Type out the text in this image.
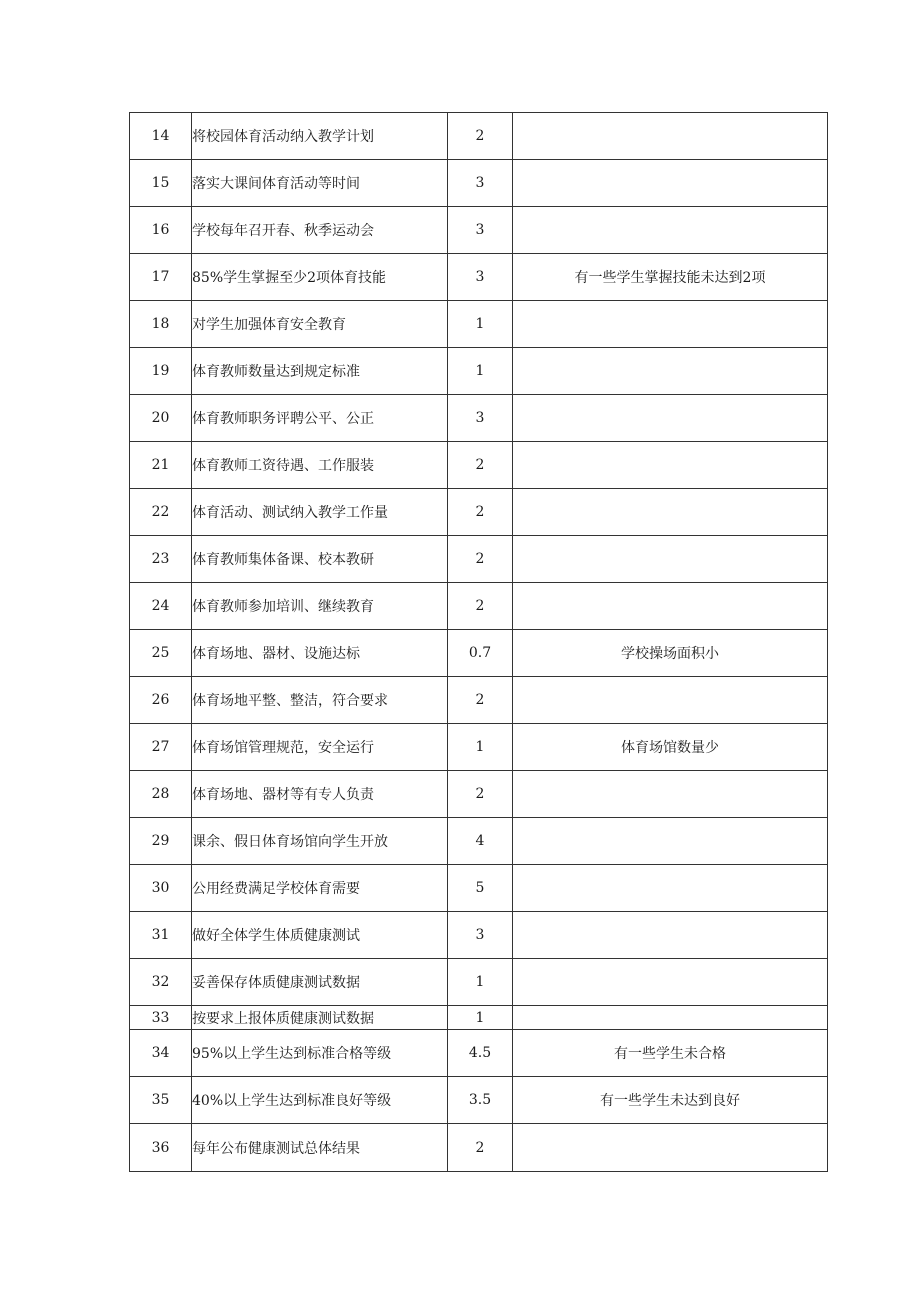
14	将校园体育活动纳入教学计划	2	
15	落实大课间体育活动等时间	3	
16	学校每年召开春、秋季运动会	3	
17	85%学生掌握至少2项体育技能	3	有一些学生掌握技能未达到2项
18	对学生加强体育安全教育	1	
19	体育教师数量达到规定标准	1	
20	体育教师职务评聘公平、公正	3	
21	体育教师工资待遇、工作服装	2	
22	体育活动、测试纳入教学工作量	2	
23	体育教师集体备课、校本教研	2	
24	体育教师参加培训、继续教育	2	
25	体育场地、器材、设施达标	0.7	学校操场面积小
26	体育场地平整、整洁，符合要求	2	
27	体育场馆管理规范，安全运行	1	体育场馆数量少
28	体育场地、器材等有专人负责	2	
29	课余、假日体育场馆向学生开放	4	
30	公用经费满足学校体育需要	5	
31	做好全体学生体质健康测试	3	
32	妥善保存体质健康测试数据	1	
33	按要求上报体质健康测试数据	1	
34	95%以上学生达到标准合格等级	4.5	有一些学生未合格
35	40%以上学生达到标准良好等级	3.5	有一些学生未达到良好
36	每年公布健康测试总体结果	2	
